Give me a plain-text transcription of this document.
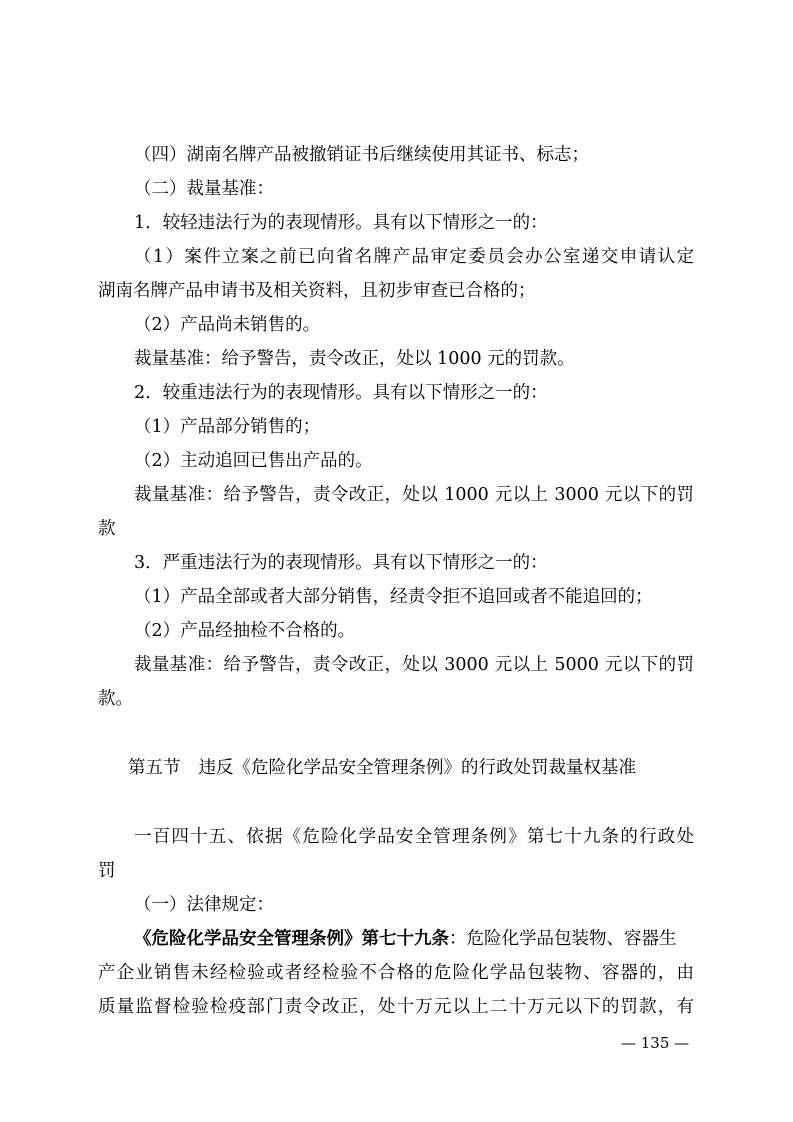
（四）湖南名牌产品被撤销证书后继续使用其证书、标志；
（二）裁量基准：
1．较轻违法行为的表现情形。具有以下情形之一的：
（1）案件立案之前已向省名牌产品审定委员会办公室递交申请认定
湖南名牌产品申请书及相关资料，且初步审查已合格的；
（2）产品尚未销售的。
裁量基准：给予警告，责令改正，处以 1000 元的罚款。
2．较重违法行为的表现情形。具有以下情形之一的：
（1）产品部分销售的；
（2）主动追回已售出产品的。
裁量基准：给予警告，责令改正，处以 1000 元以上 3000 元以下的罚
款
3．严重违法行为的表现情形。具有以下情形之一的：
（1）产品全部或者大部分销售，经责令拒不追回或者不能追回的；
（2）产品经抽检不合格的。
裁量基准：给予警告，责令改正，处以 3000 元以上 5000 元以下的罚
款。
第五节 违反《危险化学品安全管理条例》的行政处罚裁量权基准
一百四十五、依据《危险化学品安全管理条例》第七十九条的行政处
罚
（一）法律规定：
《危险化学品安全管理条例》第七十九条：危险化学品包装物、容器生
产企业销售未经检验或者经检验不合格的危险化学品包装物、容器的，由
质量监督检验检疫部门责令改正，处十万元以上二十万元以下的罚款，有
— 135 —
